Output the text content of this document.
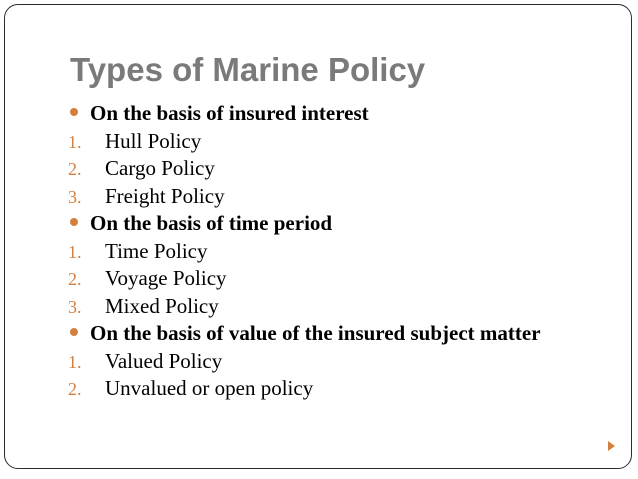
Types of Marine Policy
On the basis of insured interest
1. Hull Policy
2. Cargo Policy
3. Freight Policy
On the basis of time period
1. Time Policy
2. Voyage Policy
3. Mixed Policy
On the basis of value of the insured subject matter
1. Valued Policy
2. Unvalued or open policy
